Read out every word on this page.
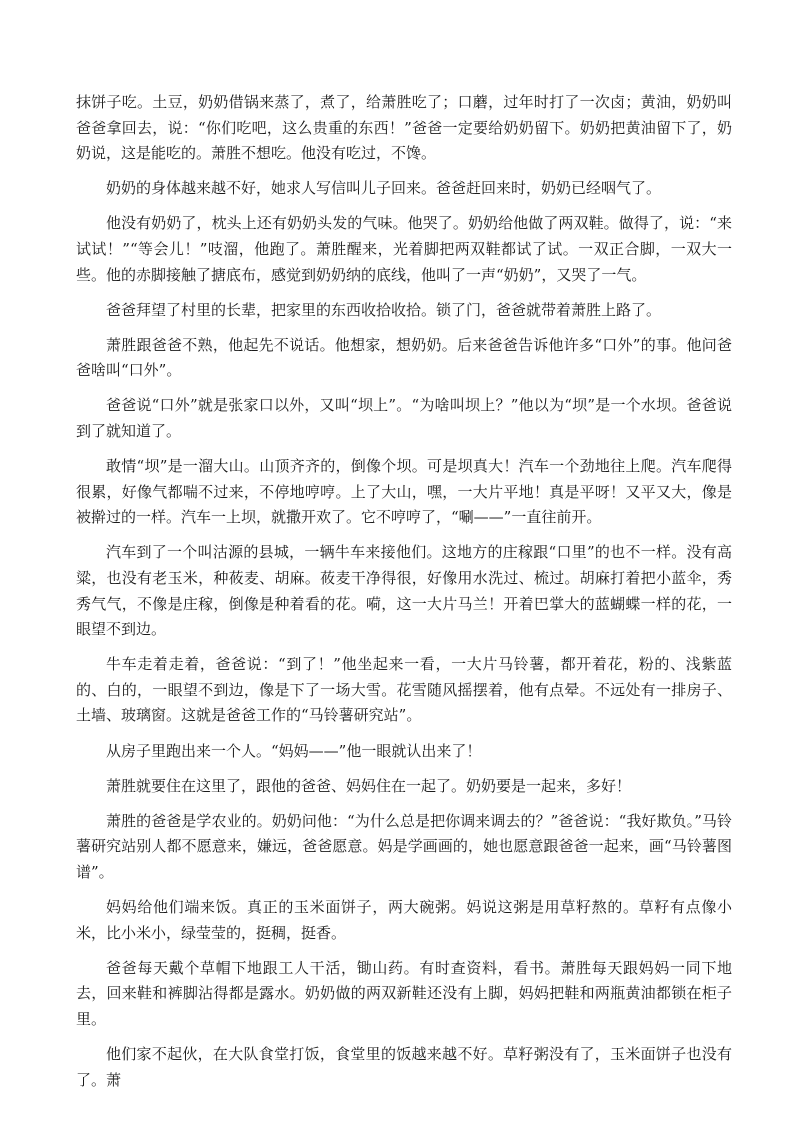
抹饼子吃。土豆，奶奶借锅来蒸了，煮了，给萧胜吃了；口蘑，过年时打了一次卤；黄油，奶奶叫爸爸拿回去，说：“你们吃吧，这么贵重的东西！”爸爸一定要给奶奶留下。奶奶把黄油留下了，奶奶说，这是能吃的。萧胜不想吃。他没有吃过，不馋。

奶奶的身体越来越不好，她求人写信叫儿子回来。爸爸赶回来时，奶奶已经咽气了。

他没有奶奶了，枕头上还有奶奶头发的气味。他哭了。奶奶给他做了两双鞋。做得了，说：“来试试！”“等会儿！”吱溜，他跑了。萧胜醒来，光着脚把两双鞋都试了试。一双正合脚，一双大一些。他的赤脚接触了搪底布，感觉到奶奶纳的底线，他叫了一声“奶奶”，又哭了一气。

爸爸拜望了村里的长辈，把家里的东西收拾收拾。锁了门，爸爸就带着萧胜上路了。

萧胜跟爸爸不熟，他起先不说话。他想家，想奶奶。后来爸爸告诉他许多“口外”的事。他问爸爸啥叫“口外”。

爸爸说“口外”就是张家口以外，又叫“坝上”。“为啥叫坝上？”他以为“坝”是一个水坝。爸爸说到了就知道了。

敢情“坝”是一溜大山。山顶齐齐的，倒像个坝。可是坝真大！汽车一个劲地往上爬。汽车爬得很累，好像气都喘不过来，不停地哼哼。上了大山，嘿，一大片平地！真是平呀！又平又大，像是被擀过的一样。汽车一上坝，就撒开欢了。它不哼哼了，“唰——”一直往前开。

汽车到了一个叫沽源的县城，一辆牛车来接他们。这地方的庄稼跟“口里”的也不一样。没有高粱，也没有老玉米，种莜麦、胡麻。莜麦干净得很，好像用水洗过、梳过。胡麻打着把小蓝伞，秀秀气气，不像是庄稼，倒像是种着看的花。嗬，这一大片马兰！开着巴掌大的蓝蝴蝶一样的花，一眼望不到边。

牛车走着走着，爸爸说：“到了！”他坐起来一看，一大片马铃薯，都开着花，粉的、浅紫蓝的、白的，一眼望不到边，像是下了一场大雪。花雪随风摇摆着，他有点晕。不远处有一排房子、土墙、玻璃窗。这就是爸爸工作的“马铃薯研究站”。

从房子里跑出来一个人。“妈妈——”他一眼就认出来了！

萧胜就要住在这里了，跟他的爸爸、妈妈住在一起了。奶奶要是一起来，多好！

萧胜的爸爸是学农业的。奶奶问他：“为什么总是把你调来调去的？”爸爸说：“我好欺负。”马铃薯研究站别人都不愿意来，嫌远，爸爸愿意。妈是学画画的，她也愿意跟爸爸一起来，画“马铃薯图谱”。

妈妈给他们端来饭。真正的玉米面饼子，两大碗粥。妈说这粥是用草籽熬的。草籽有点像小米，比小米小，绿莹莹的，挺稠，挺香。

爸爸每天戴个草帽下地跟工人干活，锄山药。有时查资料，看书。萧胜每天跟妈妈一同下地去，回来鞋和裤脚沾得都是露水。奶奶做的两双新鞋还没有上脚，妈妈把鞋和两瓶黄油都锁在柜子里。

他们家不起伙，在大队食堂打饭，食堂里的饭越来越不好。草籽粥没有了，玉米面饼子也没有了。萧
